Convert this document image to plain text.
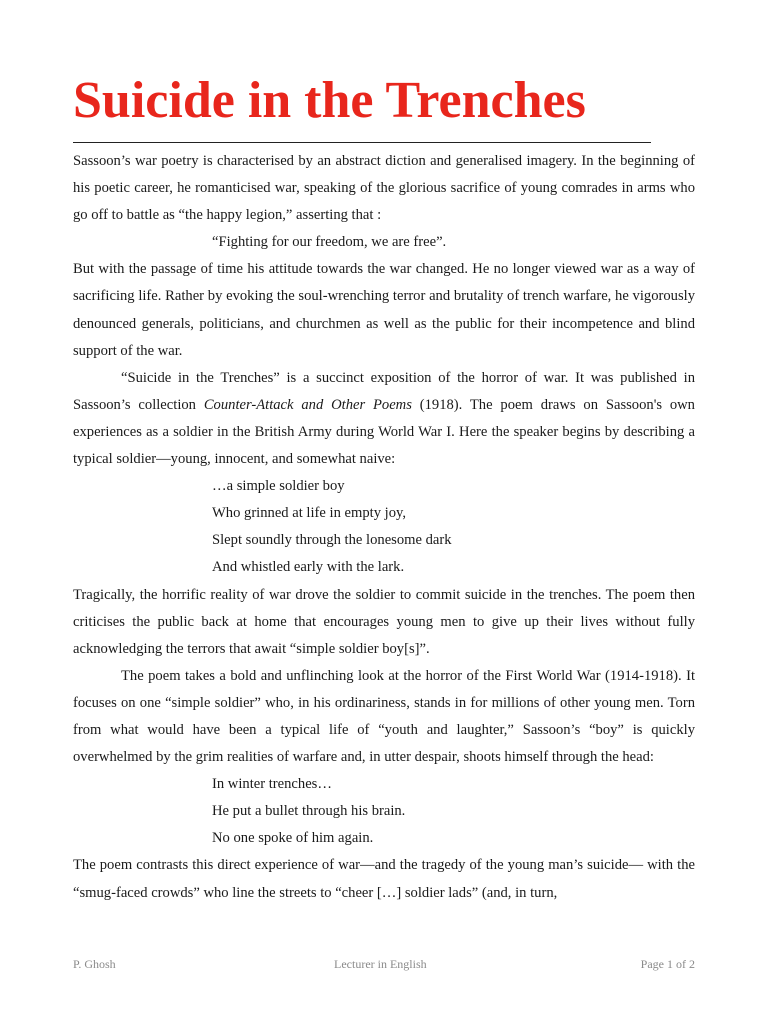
Suicide in the Trenches

Sassoon’s war poetry is characterised by an abstract diction and generalised imagery. In the beginning of his poetic career, he romanticised war, speaking of the glorious sacrifice of young comrades in arms who go off to battle as “the happy legion,” asserting that :

“Fighting for our freedom, we are free”.

But with the passage of time his attitude towards the war changed. He no longer viewed war as a way of sacrificing life. Rather by evoking the soul-wrenching terror and brutality of trench warfare, he vigorously denounced generals, politicians, and churchmen as well as the public for their incompetence and blind support of the war.

“Suicide in the Trenches” is a succinct exposition of the horror of war. It was published in Sassoon’s collection Counter-Attack and Other Poems (1918). The poem draws on Sassoon's own experiences as a soldier in the British Army during World War I. Here the speaker begins by describing a typical soldier—young, innocent, and somewhat naive:

…a simple soldier boy

Who grinned at life in empty joy,

Slept soundly through the lonesome dark

And whistled early with the lark.

Tragically, the horrific reality of war drove the soldier to commit suicide in the trenches. The poem then criticises the public back at home that encourages young men to give up their lives without fully acknowledging the terrors that await “simple soldier boy[s]”.

The poem takes a bold and unflinching look at the horror of the First World War (1914-1918). It focuses on one “simple soldier” who, in his ordinariness, stands in for millions of other young men. Torn from what would have been a typical life of “youth and laughter,” Sassoon’s “boy” is quickly overwhelmed by the grim realities of warfare and, in utter despair, shoots himself through the head:

In winter trenches…

He put a bullet through his brain.

No one spoke of him again.

The poem contrasts this direct experience of war—and the tragedy of the young man’s suicide— with the “smug-faced crowds” who line the streets to “cheer […] soldier lads” (and, in turn,

P. Ghosh	Lecturer in English	Page 1 of 2
